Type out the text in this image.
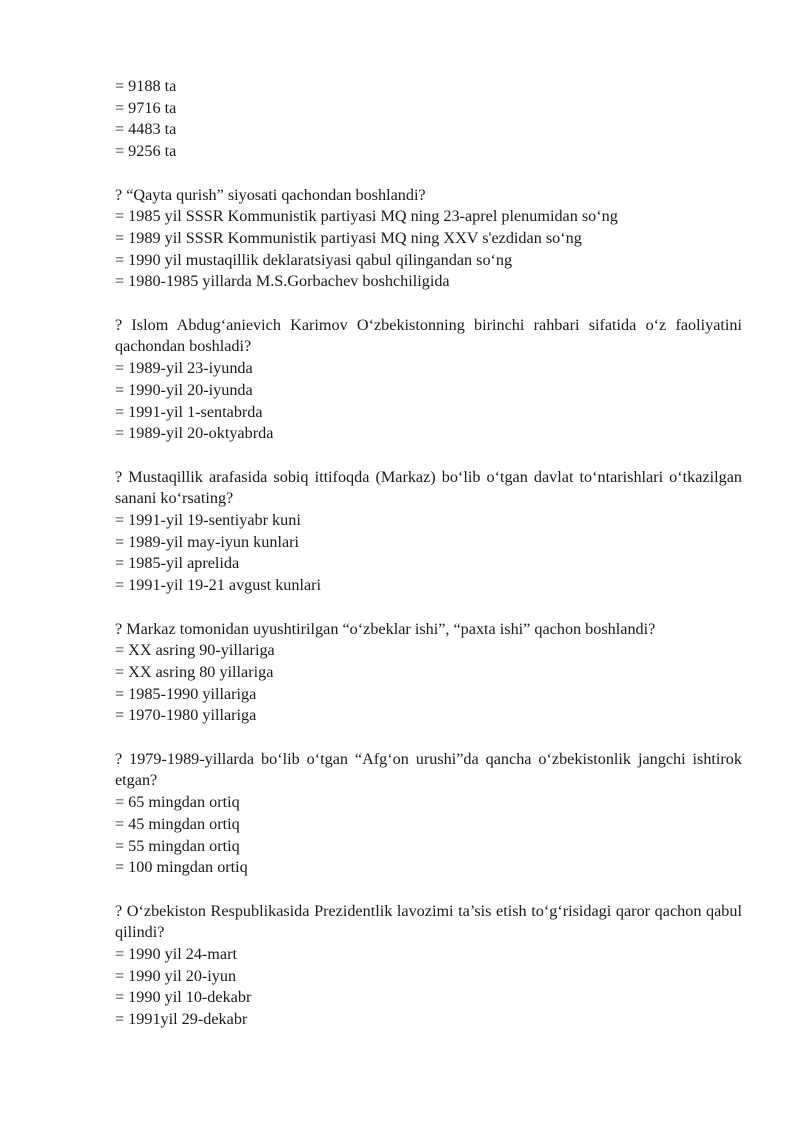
= 9188 ta

= 9716 ta

= 4483 ta

= 9256 ta

? “Qayta qurish” siyosati qachondan boshlandi?

= 1985 yil SSSR Kommunistik partiyasi MQ ning 23-aprel plenumidan so‘ng

= 1989 yil SSSR Kommunistik partiyasi MQ ning XXV s'ezdidan so‘ng

= 1990 yil mustaqillik deklaratsiyasi qabul qilingandan so‘ng

= 1980-1985 yillarda M.S.Gorbachev boshchiligida

? Islom Abdug‘anievich Karimov O‘zbekistonning birinchi rahbari sifatida o‘z faoliyatini qachondan boshladi?

= 1989-yil 23-iyunda

= 1990-yil 20-iyunda

= 1991-yil 1-sentabrda

= 1989-yil 20-oktyabrda

? Mustaqillik arafasida sobiq ittifoqda (Markaz) bo‘lib o‘tgan davlat to‘ntarishlari o‘tkazilgan sanani ko‘rsating?

= 1991-yil 19-sentiyabr kuni

= 1989-yil may-iyun kunlari

= 1985-yil aprelida

= 1991-yil 19-21 avgust kunlari

? Markaz tomonidan uyushtirilgan “o‘zbeklar ishi”, “paxta ishi” qachon boshlandi?

= XX asring 90-yillariga

= XX asring 80 yillariga

= 1985-1990 yillariga

= 1970-1980 yillariga

? 1979-1989-yillarda bo‘lib o‘tgan “Afg‘on urushi”da qancha o‘zbekistonlik jangchi ishtirok etgan?

= 65 mingdan ortiq

= 45 mingdan ortiq

= 55 mingdan ortiq

= 100 mingdan ortiq

? O‘zbekiston Respublikasida Prezidentlik lavozimi ta’sis etish to‘g‘risidagi qaror qachon qabul qilindi?

= 1990 yil 24-mart

= 1990 yil 20-iyun

= 1990 yil 10-dekabr

= 1991yil 29-dekabr
